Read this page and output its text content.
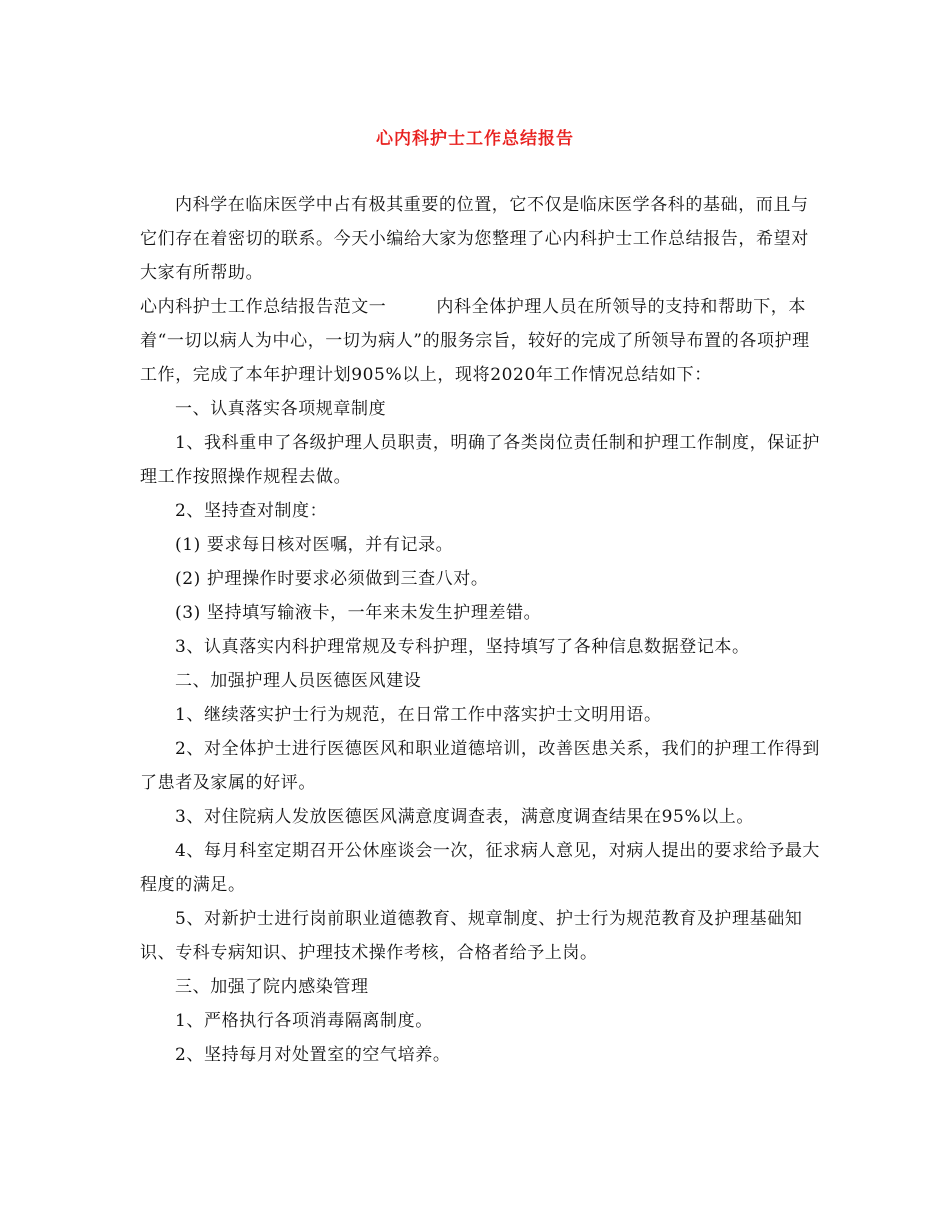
心内科护士工作总结报告

内科学在临床医学中占有极其重要的位置，它不仅是临床医学各科的基础，而且与它们存在着密切的联系。今天小编给大家为您整理了心内科护士工作总结报告，希望对大家有所帮助。

心内科护士工作总结报告范文一	内科全体护理人员在所领导的支持和帮助下，本着“一切以病人为中心，一切为病人”的服务宗旨，较好的完成了所领导布置的各项护理工作，完成了本年护理计划905%以上，现将2020年工作情况总结如下：

一、认真落实各项规章制度

1、我科重申了各级护理人员职责，明确了各类岗位责任制和护理工作制度，保证护理工作按照操作规程去做。

2、坚持查对制度：

(1) 要求每日核对医嘱，并有记录。

(2) 护理操作时要求必须做到三查八对。

(3) 坚持填写输液卡，一年来未发生护理差错。

3、认真落实内科护理常规及专科护理，坚持填写了各种信息数据登记本。

二、加强护理人员医德医风建设

1、继续落实护士行为规范，在日常工作中落实护士文明用语。

2、对全体护士进行医德医风和职业道德培训，改善医患关系，我们的护理工作得到了患者及家属的好评。

3、对住院病人发放医德医风满意度调查表，满意度调查结果在95%以上。

4、每月科室定期召开公休座谈会一次，征求病人意见，对病人提出的要求给予最大程度的满足。

5、对新护士进行岗前职业道德教育、规章制度、护士行为规范教育及护理基础知识、专科专病知识、护理技术操作考核，合格者给予上岗。

三、加强了院内感染管理

1、严格执行各项消毒隔离制度。

2、坚持每月对处置室的空气培养。
